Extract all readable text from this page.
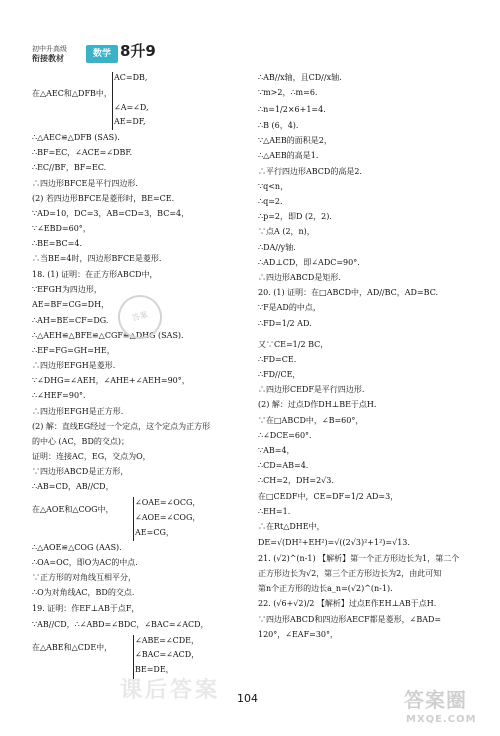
初中升高级
衔接教材	数学 8升9
AC=DB,
在△AEC和△DFB中，
∠A=∠D,
AE=DF,
∴△AEC≌△DFB (SAS).
∴BF=EC，∠ACE=∠DBF.
∴EC//BF，BF=EC.
∴四边形BFCE是平行四边形.
(2) 若四边形BFCE是菱形时，BE=CE.
∵AD=10，DC=3，AB=CD=3，BC=4，
∵∠EBD=60°，
∴BE=BC=4.
∴当BE=4时，四边形BFCE是菱形.
18. (1) 证明：在正方形ABCD中，
∵EFGH为四边形，
AE=BF=CG=DH，
∴AH=BE=CF=DG.
∴△AEH≌△BFE≌△CGF≌△DHG (SAS).
∴EF=FG=GH=HE，
∴四边形EFGH是菱形.
∵∠DHG=∠AEH，∠AHE+∠AEH=90°，
∴∠HEF=90°.
∴四边形EFGH是正方形.
(2) 解：直线EG经过一个定点，这个定点为正方形
的中心 (AC，BD的交点)；
证明：连接AC，EG，交点为O，
∵四边形ABCD是正方形，
∴AB=CD，AB//CD，
∠OAE=∠OCG，
在△AOE和△COG中，
∠AOE=∠COG，
AE=CG，
∴△AOE≌△COG (AAS).
∴OA=OC，即O为AC的中点.
∵正方形的对角线互相平分，
∴O为对角线AC，BD的交点.
19. 证明：作EF⊥AB于点F，
∵AB//CD，∴∠ABD=∠BDC，∠BAC=∠ACD，
∠ABE=∠CDE，
在△ABE和△CDE中，
∠BAC=∠ACD，
BE=DE，
∴AB//x轴，且CD//x轴.
∵m>2，∴m=6.
∴n=1/2×6+1=4.
∴B (6，4).
∵△AEB的面积是2，
∴△AEB的高是1.
∴平行四边形ABCD的高是2.
∵q<n，
∴q=2.
∴p=2，即D (2，2).
∵点A (2，n)，
∴DA//y轴.
∴AD⊥CD，即∠ADC=90°.
∴四边形ABCD是矩形.
20. (1) 证明：在□ABCD中，AD//BC，AD=BC.
∵F是AD的中点，
∴FD=1/2 AD.
又∵CE=1/2 BC，
∴FD=CE.
∴FD//CE，
∴四边形CEDF是平行四边形.
(2) 解：过点D作DH⊥BE于点H.
∵在□ABCD中，∠B=60°，
∴∠DCE=60°.
∵AB=4，
∴CD=AB=4.
∴CH=2，DH=2√3.
在□CEDF中，CE=DF=1/2 AD=3，
∴EH=1.
∴在Rt△DHE中，
DE=√(DH²+EH²)=√((2√3)²+1²)=√13.
21. (√2)^(n-1) 【解析】第一个正方形边长为1，第二个
正方形边长为√2，第三个正方形边长为2，由此可知
第n个正方形的边长a_n=(√2)^(n-1).
22. (√6+√2)/2 【解析】过点E作EH⊥AB于点H.
∵四边形ABCD和四边形AECF都是菱形，∠BAD=
120°，∠EAF=30°，
答案
104
课后答案	答案圈
MXQE.COM
